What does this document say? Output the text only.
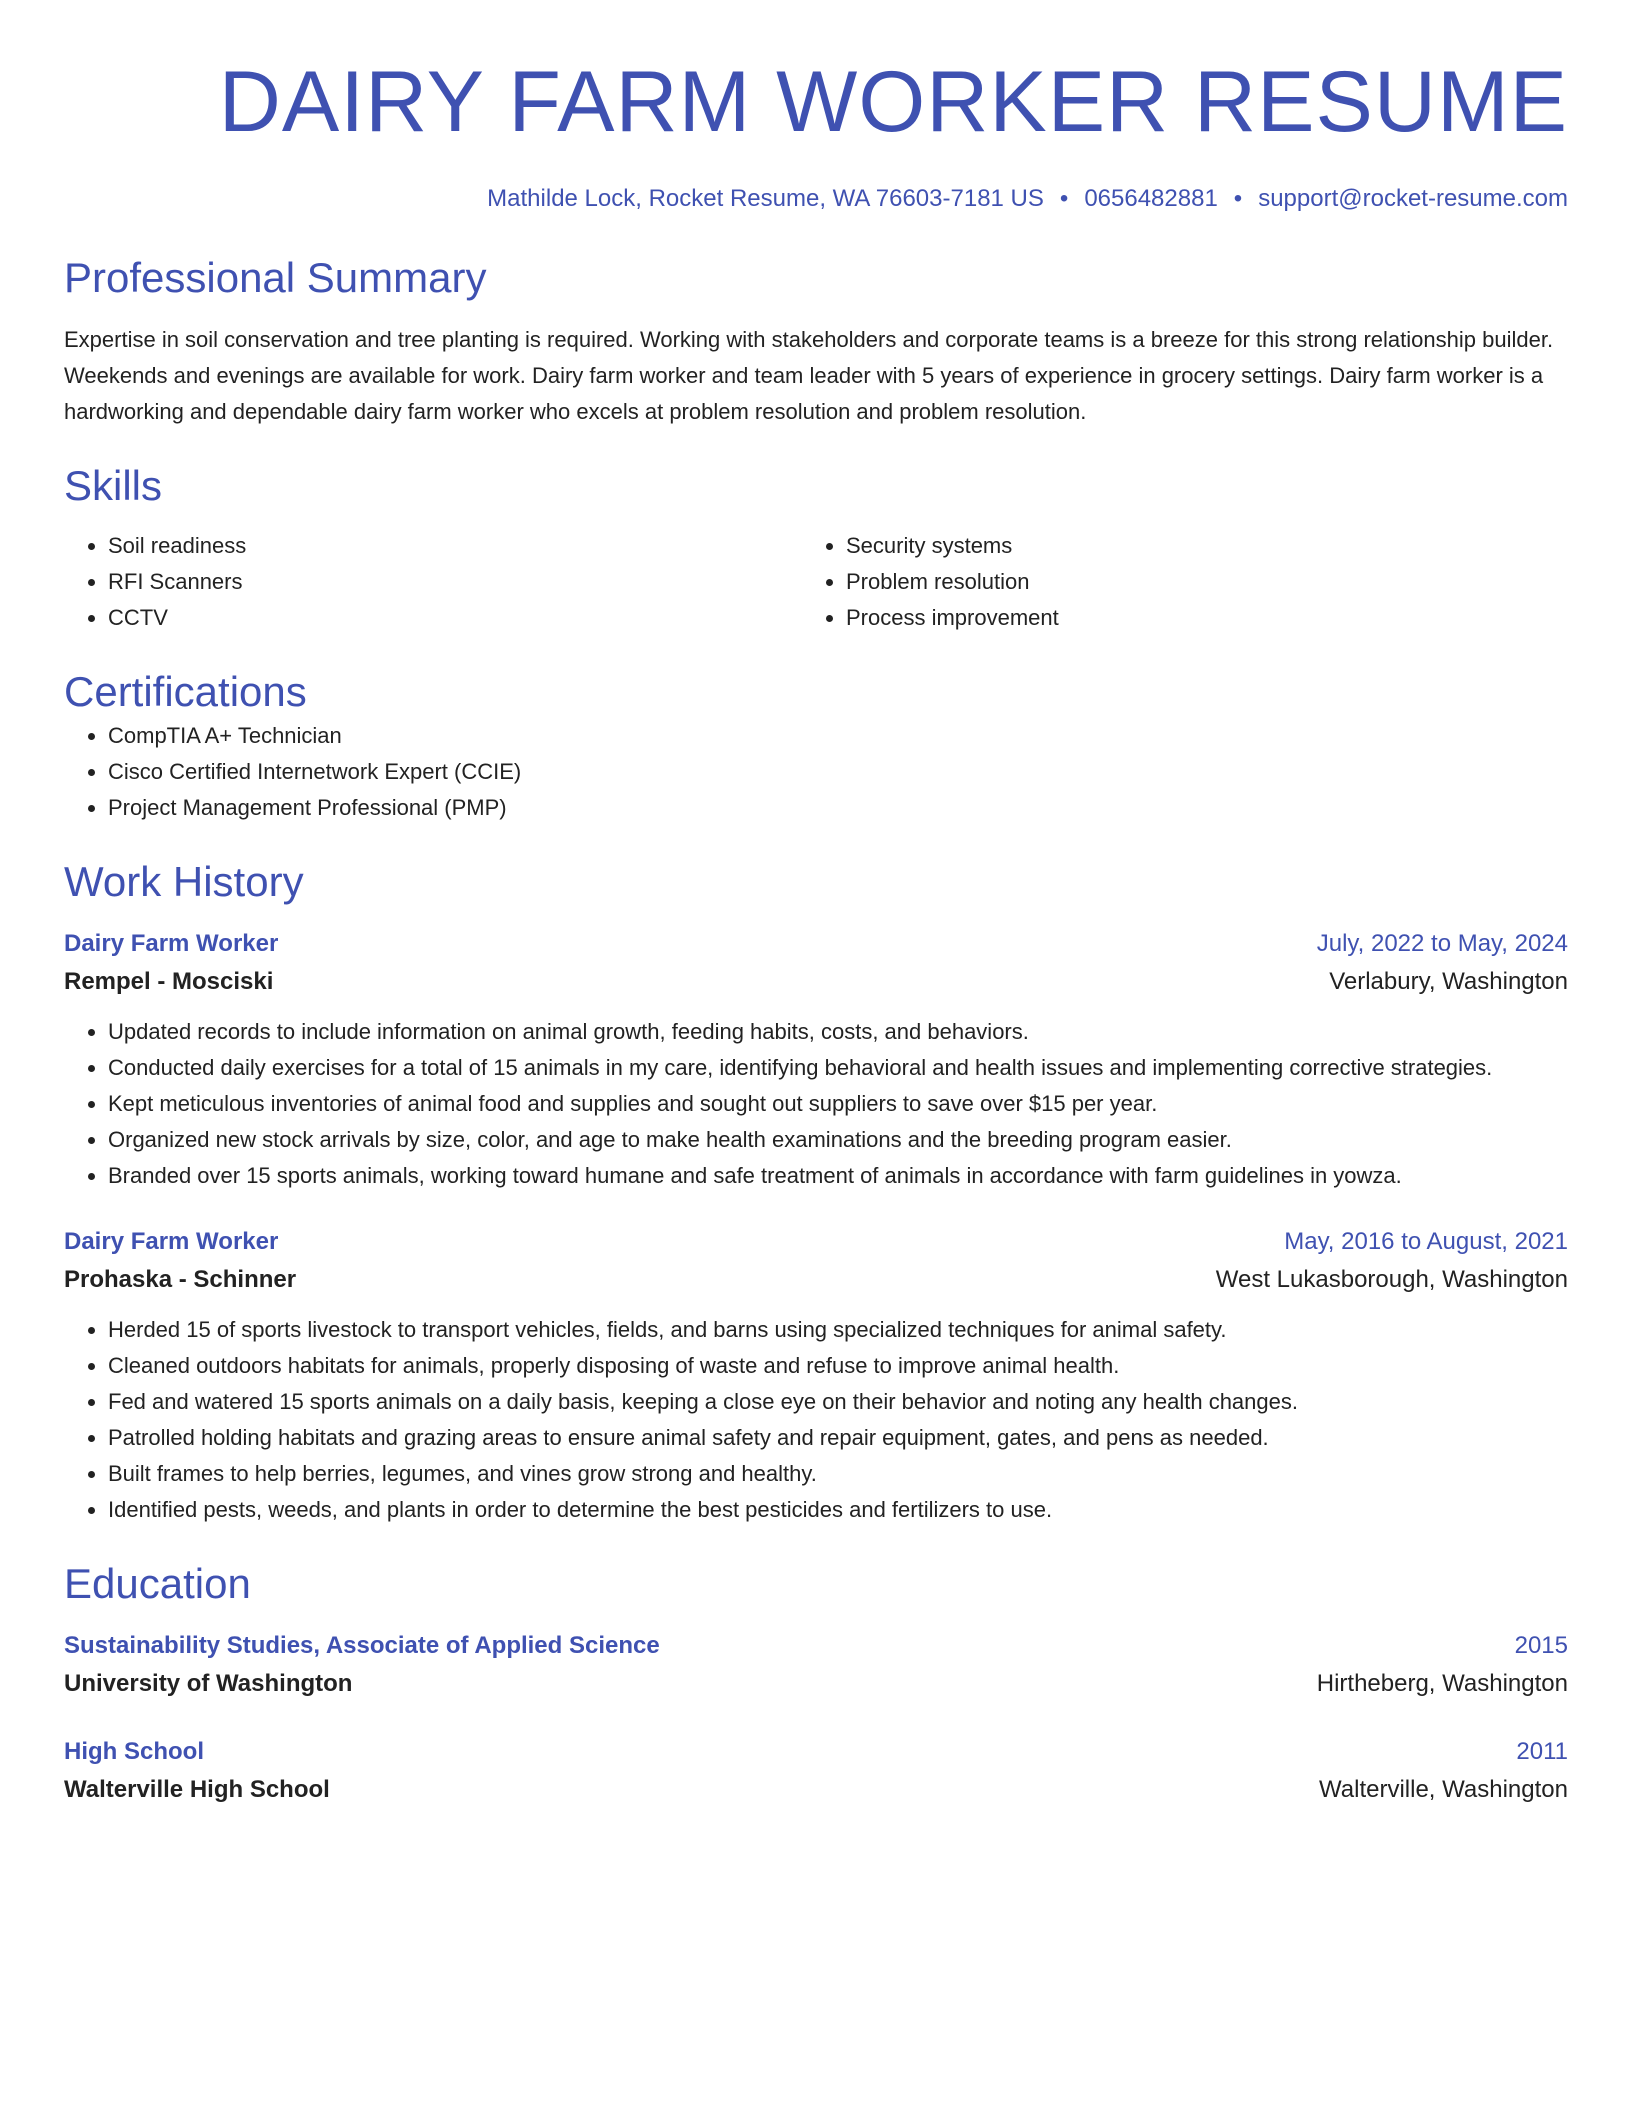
DAIRY FARM WORKER RESUME
Mathilde Lock, Rocket Resume, WA 76603-7181 US • 0656482881 • support@rocket-resume.com
Professional Summary
Expertise in soil conservation and tree planting is required. Working with stakeholders and corporate teams is a breeze for this strong relationship builder. Weekends and evenings are available for work. Dairy farm worker and team leader with 5 years of experience in grocery settings. Dairy farm worker is a hardworking and dependable dairy farm worker who excels at problem resolution and problem resolution.
Skills
• Soil readiness
• RFI Scanners
• CCTV
• Security systems
• Problem resolution
• Process improvement
Certifications
• CompTIA A+ Technician
• Cisco Certified Internetwork Expert (CCIE)
• Project Management Professional (PMP)
Work History
Dairy Farm Worker	July, 2022 to May, 2024
Rempel - Mosciski	Verlabury, Washington
• Updated records to include information on animal growth, feeding habits, costs, and behaviors.
• Conducted daily exercises for a total of 15 animals in my care, identifying behavioral and health issues and implementing corrective strategies.
• Kept meticulous inventories of animal food and supplies and sought out suppliers to save over $15 per year.
• Organized new stock arrivals by size, color, and age to make health examinations and the breeding program easier.
• Branded over 15 sports animals, working toward humane and safe treatment of animals in accordance with farm guidelines in yowza.
Dairy Farm Worker	May, 2016 to August, 2021
Prohaska - Schinner	West Lukasborough, Washington
• Herded 15 of sports livestock to transport vehicles, fields, and barns using specialized techniques for animal safety.
• Cleaned outdoors habitats for animals, properly disposing of waste and refuse to improve animal health.
• Fed and watered 15 sports animals on a daily basis, keeping a close eye on their behavior and noting any health changes.
• Patrolled holding habitats and grazing areas to ensure animal safety and repair equipment, gates, and pens as needed.
• Built frames to help berries, legumes, and vines grow strong and healthy.
• Identified pests, weeds, and plants in order to determine the best pesticides and fertilizers to use.
Education
Sustainability Studies, Associate of Applied Science	2015
University of Washington	Hirtheberg, Washington
High School	2011
Walterville High School	Walterville, Washington
